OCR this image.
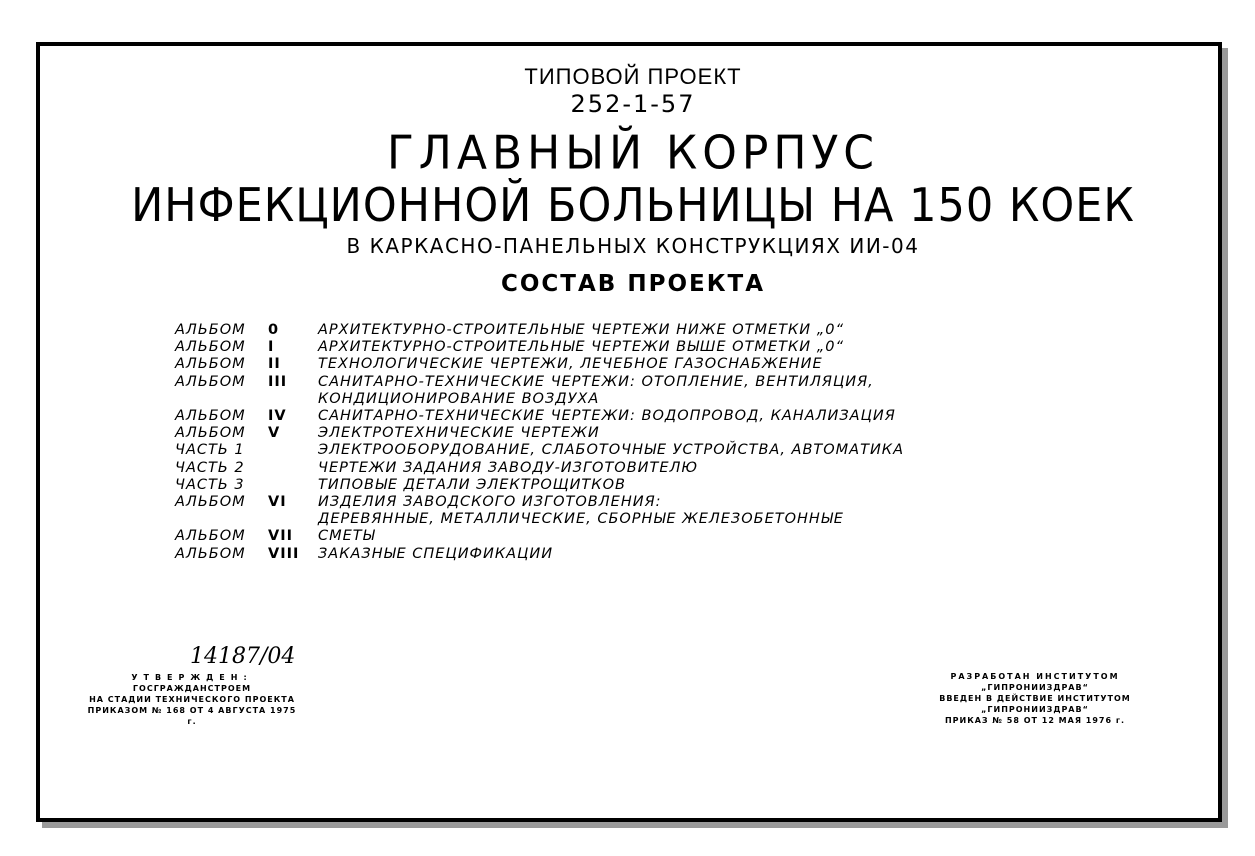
ТИПОВОЙ ПРОЕКТ
252-1-57
ГЛАВНЫЙ КОРПУС
ИНФЕКЦИОННОЙ БОЛЬНИЦЫ НА 150 КОЕК
В КАРКАСНО-ПАНЕЛЬНЫХ КОНСТРУКЦИЯХ ИИ-04
СОСТАВ ПРОЕКТА
АЛЬБОМ 0	АРХИТЕКТУРНО-СТРОИТЕЛЬНЫЕ ЧЕРТЕЖИ НИЖЕ ОТМЕТКИ „0“
АЛЬБОМ I	АРХИТЕКТУРНО-СТРОИТЕЛЬНЫЕ ЧЕРТЕЖИ ВЫШЕ ОТМЕТКИ „0“
АЛЬБОМ II	ТЕХНОЛОГИЧЕСКИЕ ЧЕРТЕЖИ, ЛЕЧЕБНОЕ ГАЗОСНАБЖЕНИЕ
АЛЬБОМ III САНИТАРНО-ТЕХНИЧЕСКИЕ ЧЕРТЕЖИ: ОТОПЛЕНИЕ, ВЕНТИЛЯЦИЯ,
КОНДИЦИОНИРОВАНИЕ ВОЗДУХА
АЛЬБОМ IV САНИТАРНО-ТЕХНИЧЕСКИЕ ЧЕРТЕЖИ: ВОДОПРОВОД, КАНАЛИЗАЦИЯ
АЛЬБОМ V	ЭЛЕКТРОТЕХНИЧЕСКИЕ ЧЕРТЕЖИ
ЧАСТЬ 1	ЭЛЕКТРООБОРУДОВАНИЕ, СЛАБОТОЧНЫЕ УСТРОЙСТВА, АВТОМАТИКА
ЧАСТЬ 2	ЧЕРТЕЖИ ЗАДАНИЯ ЗАВОДУ-ИЗГОТОВИТЕЛЮ
ЧАСТЬ 3	ТИПОВЫЕ ДЕТАЛИ ЭЛЕКТРОЩИТКОВ
АЛЬБОМ VI ИЗДЕЛИЯ ЗАВОДСКОГО ИЗГОТОВЛЕНИЯ:
ДЕРЕВЯННЫЕ, МЕТАЛЛИЧЕСКИЕ, СБОРНЫЕ ЖЕЛЕЗОБЕТОННЫЕ
АЛЬБОМ VII СМЕТЫ
АЛЬБОМ VIII ЗАКАЗНЫЕ СПЕЦИФИКАЦИИ
14187/04
УТВЕРЖДЕН:
ГОСГРАЖДАНСТРОЕМ
НА СТАДИИ ТЕХНИЧЕСКОГО ПРОЕКТА
ПРИКАЗОМ № 168 ОТ 4 АВГУСТА 1975 г.
РАЗРАБОТАН ИНСТИТУТОМ
„ГИПРОНИИЗДРАВ“
ВВЕДЕН В ДЕЙСТВИЕ ИНСТИТУТОМ
„ГИПРОНИИЗДРАВ“
ПРИКАЗ № 58 ОТ 12 МАЯ 1976 г.
